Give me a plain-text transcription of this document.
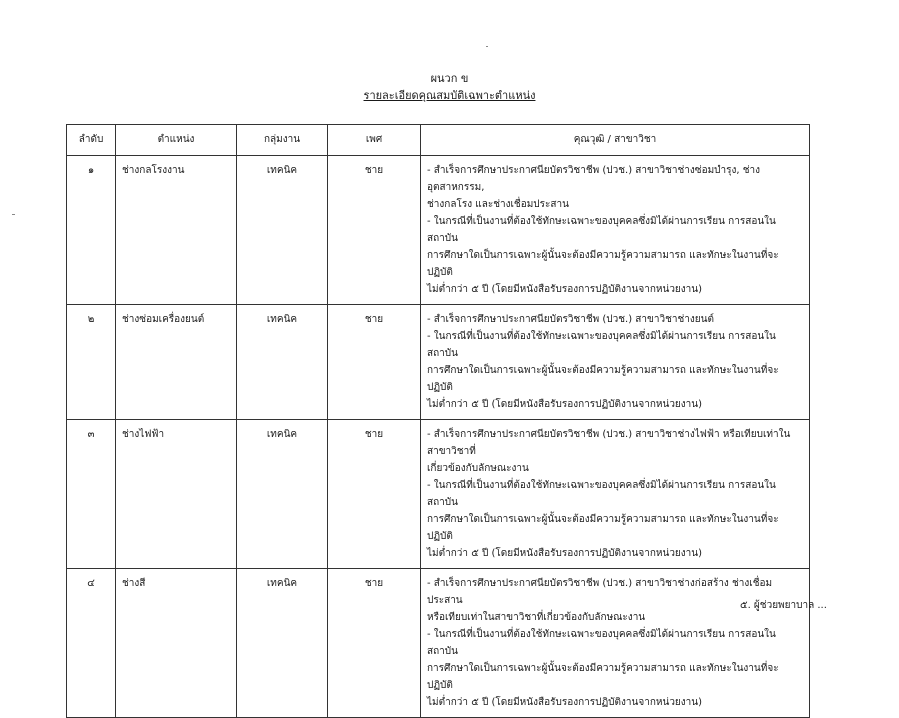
ผนวก ข
รายละเอียดคุณสมบัติเฉพาะตำแหน่ง
ลำดับ	ตำแหน่ง	กลุ่มงาน	เพศ	คุณวุฒิ / สาขาวิชา
๑	ช่างกลโรงงาน	เทคนิค	ชาย	- สำเร็จการศึกษาประกาศนียบัตรวิชาชีพ (ปวช.) สาขาวิชาช่างซ่อมบำรุง, ช่างอุตสาหกรรม,
ช่างกลโรง และช่างเชื่อมประสาน
- ในกรณีที่เป็นงานที่ต้องใช้ทักษะเฉพาะของบุคคลซึ่งมิได้ผ่านการเรียน การสอนในสถาบัน
การศึกษาใดเป็นการเฉพาะผู้นั้นจะต้องมีความรู้ความสามารถ และทักษะในงานที่จะปฏิบัติ
ไม่ต่ำกว่า ๕ ปี (โดยมีหนังสือรับรองการปฏิบัติงานจากหน่วยงาน)

๒	ช่างซ่อมเครื่องยนต์	เทคนิค	ชาย	- สำเร็จการศึกษาประกาศนียบัตรวิชาชีพ (ปวช.) สาขาวิชาช่างยนต์
- ในกรณีที่เป็นงานที่ต้องใช้ทักษะเฉพาะของบุคคลซึ่งมิได้ผ่านการเรียน การสอนในสถาบัน
การศึกษาใดเป็นการเฉพาะผู้นั้นจะต้องมีความรู้ความสามารถ และทักษะในงานที่จะปฏิบัติ
ไม่ต่ำกว่า ๕ ปี (โดยมีหนังสือรับรองการปฏิบัติงานจากหน่วยงาน)

๓	ช่างไฟฟ้า	เทคนิค	ชาย	- สำเร็จการศึกษาประกาศนียบัตรวิชาชีพ (ปวช.) สาขาวิชาช่างไฟฟ้า หรือเทียบเท่าในสาขาวิชาที่
เกี่ยวข้องกับลักษณะงาน
- ในกรณีที่เป็นงานที่ต้องใช้ทักษะเฉพาะของบุคคลซึ่งมิได้ผ่านการเรียน การสอนในสถาบัน
การศึกษาใดเป็นการเฉพาะผู้นั้นจะต้องมีความรู้ความสามารถ และทักษะในงานที่จะปฏิบัติ
ไม่ต่ำกว่า ๕ ปี (โดยมีหนังสือรับรองการปฏิบัติงานจากหน่วยงาน)

๔	ช่างสี	เทคนิค	ชาย	- สำเร็จการศึกษาประกาศนียบัตรวิชาชีพ (ปวช.) สาขาวิชาช่างก่อสร้าง ช่างเชื่อมประสาน
หรือเทียบเท่าในสาขาวิชาที่เกี่ยวข้องกับลักษณะงาน
- ในกรณีที่เป็นงานที่ต้องใช้ทักษะเฉพาะของบุคคลซึ่งมิได้ผ่านการเรียน การสอนในสถาบัน
การศึกษาใดเป็นการเฉพาะผู้นั้นจะต้องมีความรู้ความสามารถ และทักษะในงานที่จะปฏิบัติ
ไม่ต่ำกว่า ๕ ปี (โดยมีหนังสือรับรองการปฏิบัติงานจากหน่วยงาน)
๕. ผู้ช่วยพยาบาล ...
